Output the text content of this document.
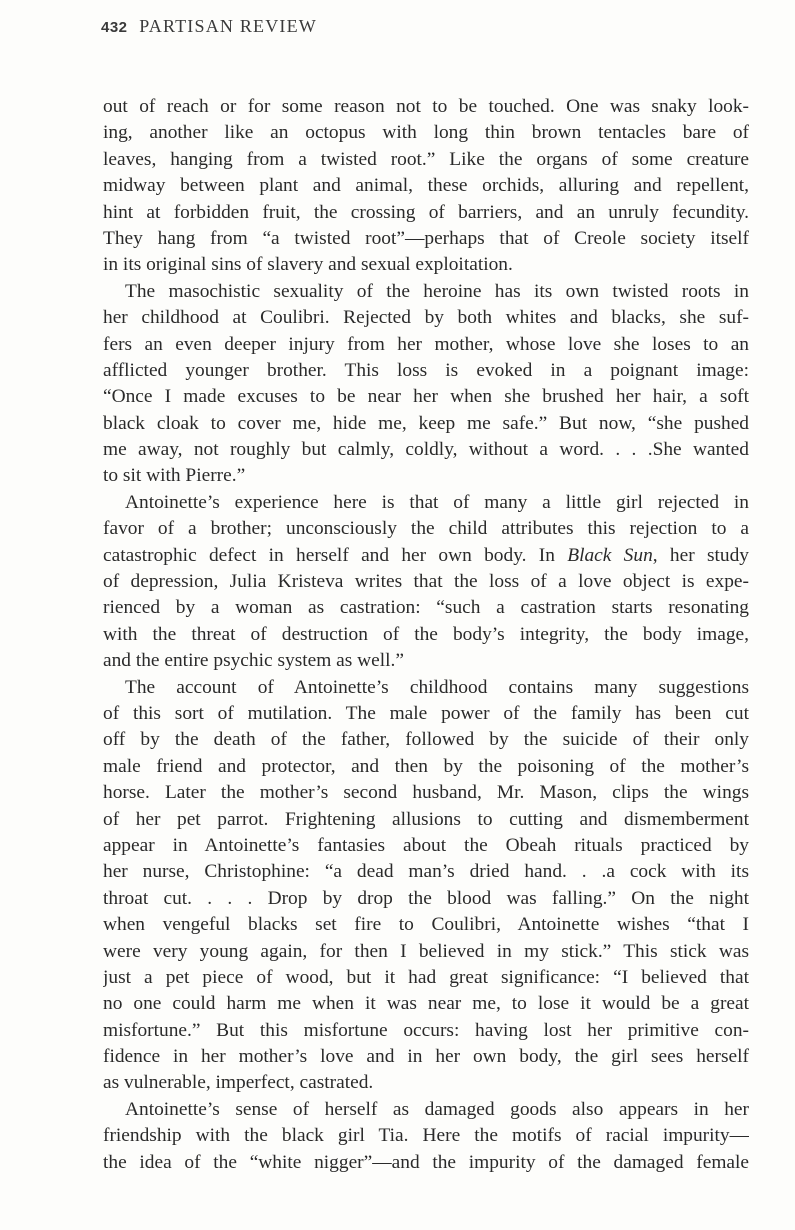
432 PARTISAN REVIEW

out of reach or for some reason not to be touched. One was snaky look-
ing, another like an octopus with long thin brown tentacles bare of
leaves, hanging from a twisted root.” Like the organs of some creature
midway between plant and animal, these orchids, alluring and repellent,
hint at forbidden fruit, the crossing of barriers, and an unruly fecundity.
They hang from “a twisted root”—perhaps that of Creole society itself
in its original sins of slavery and sexual exploitation.

The masochistic sexuality of the heroine has its own twisted roots in
her childhood at Coulibri. Rejected by both whites and blacks, she suf-
fers an even deeper injury from her mother, whose love she loses to an
afflicted younger brother. This loss is evoked in a poignant image:
“Once I made excuses to be near her when she brushed her hair, a soft
black cloak to cover me, hide me, keep me safe.” But now, “she pushed
me away, not roughly but calmly, coldly, without a word. . . .She wanted
to sit with Pierre.”

Antoinette’s experience here is that of many a little girl rejected in
favor of a brother; unconsciously the child attributes this rejection to a
catastrophic defect in herself and her own body. In Black Sun, her study
of depression, Julia Kristeva writes that the loss of a love object is expe-
rienced by a woman as castration: “such a castration starts resonating
with the threat of destruction of the body’s integrity, the body image,
and the entire psychic system as well.”

The account of Antoinette’s childhood contains many suggestions
of this sort of mutilation. The male power of the family has been cut
off by the death of the father, followed by the suicide of their only
male friend and protector, and then by the poisoning of the mother’s
horse. Later the mother’s second husband, Mr. Mason, clips the wings
of her pet parrot. Frightening allusions to cutting and dismemberment
appear in Antoinette’s fantasies about the Obeah rituals practiced by
her nurse, Christophine: “a dead man’s dried hand. . .a cock with its
throat cut. . . . Drop by drop the blood was falling.” On the night
when vengeful blacks set fire to Coulibri, Antoinette wishes “that I
were very young again, for then I believed in my stick.” This stick was
just a pet piece of wood, but it had great significance: “I believed that
no one could harm me when it was near me, to lose it would be a great
misfortune.” But this misfortune occurs: having lost her primitive con-
fidence in her mother’s love and in her own body, the girl sees herself
as vulnerable, imperfect, castrated.

Antoinette’s sense of herself as damaged goods also appears in her
friendship with the black girl Tia. Here the motifs of racial impurity—
the idea of the “white nigger”—and the impurity of the damaged female
